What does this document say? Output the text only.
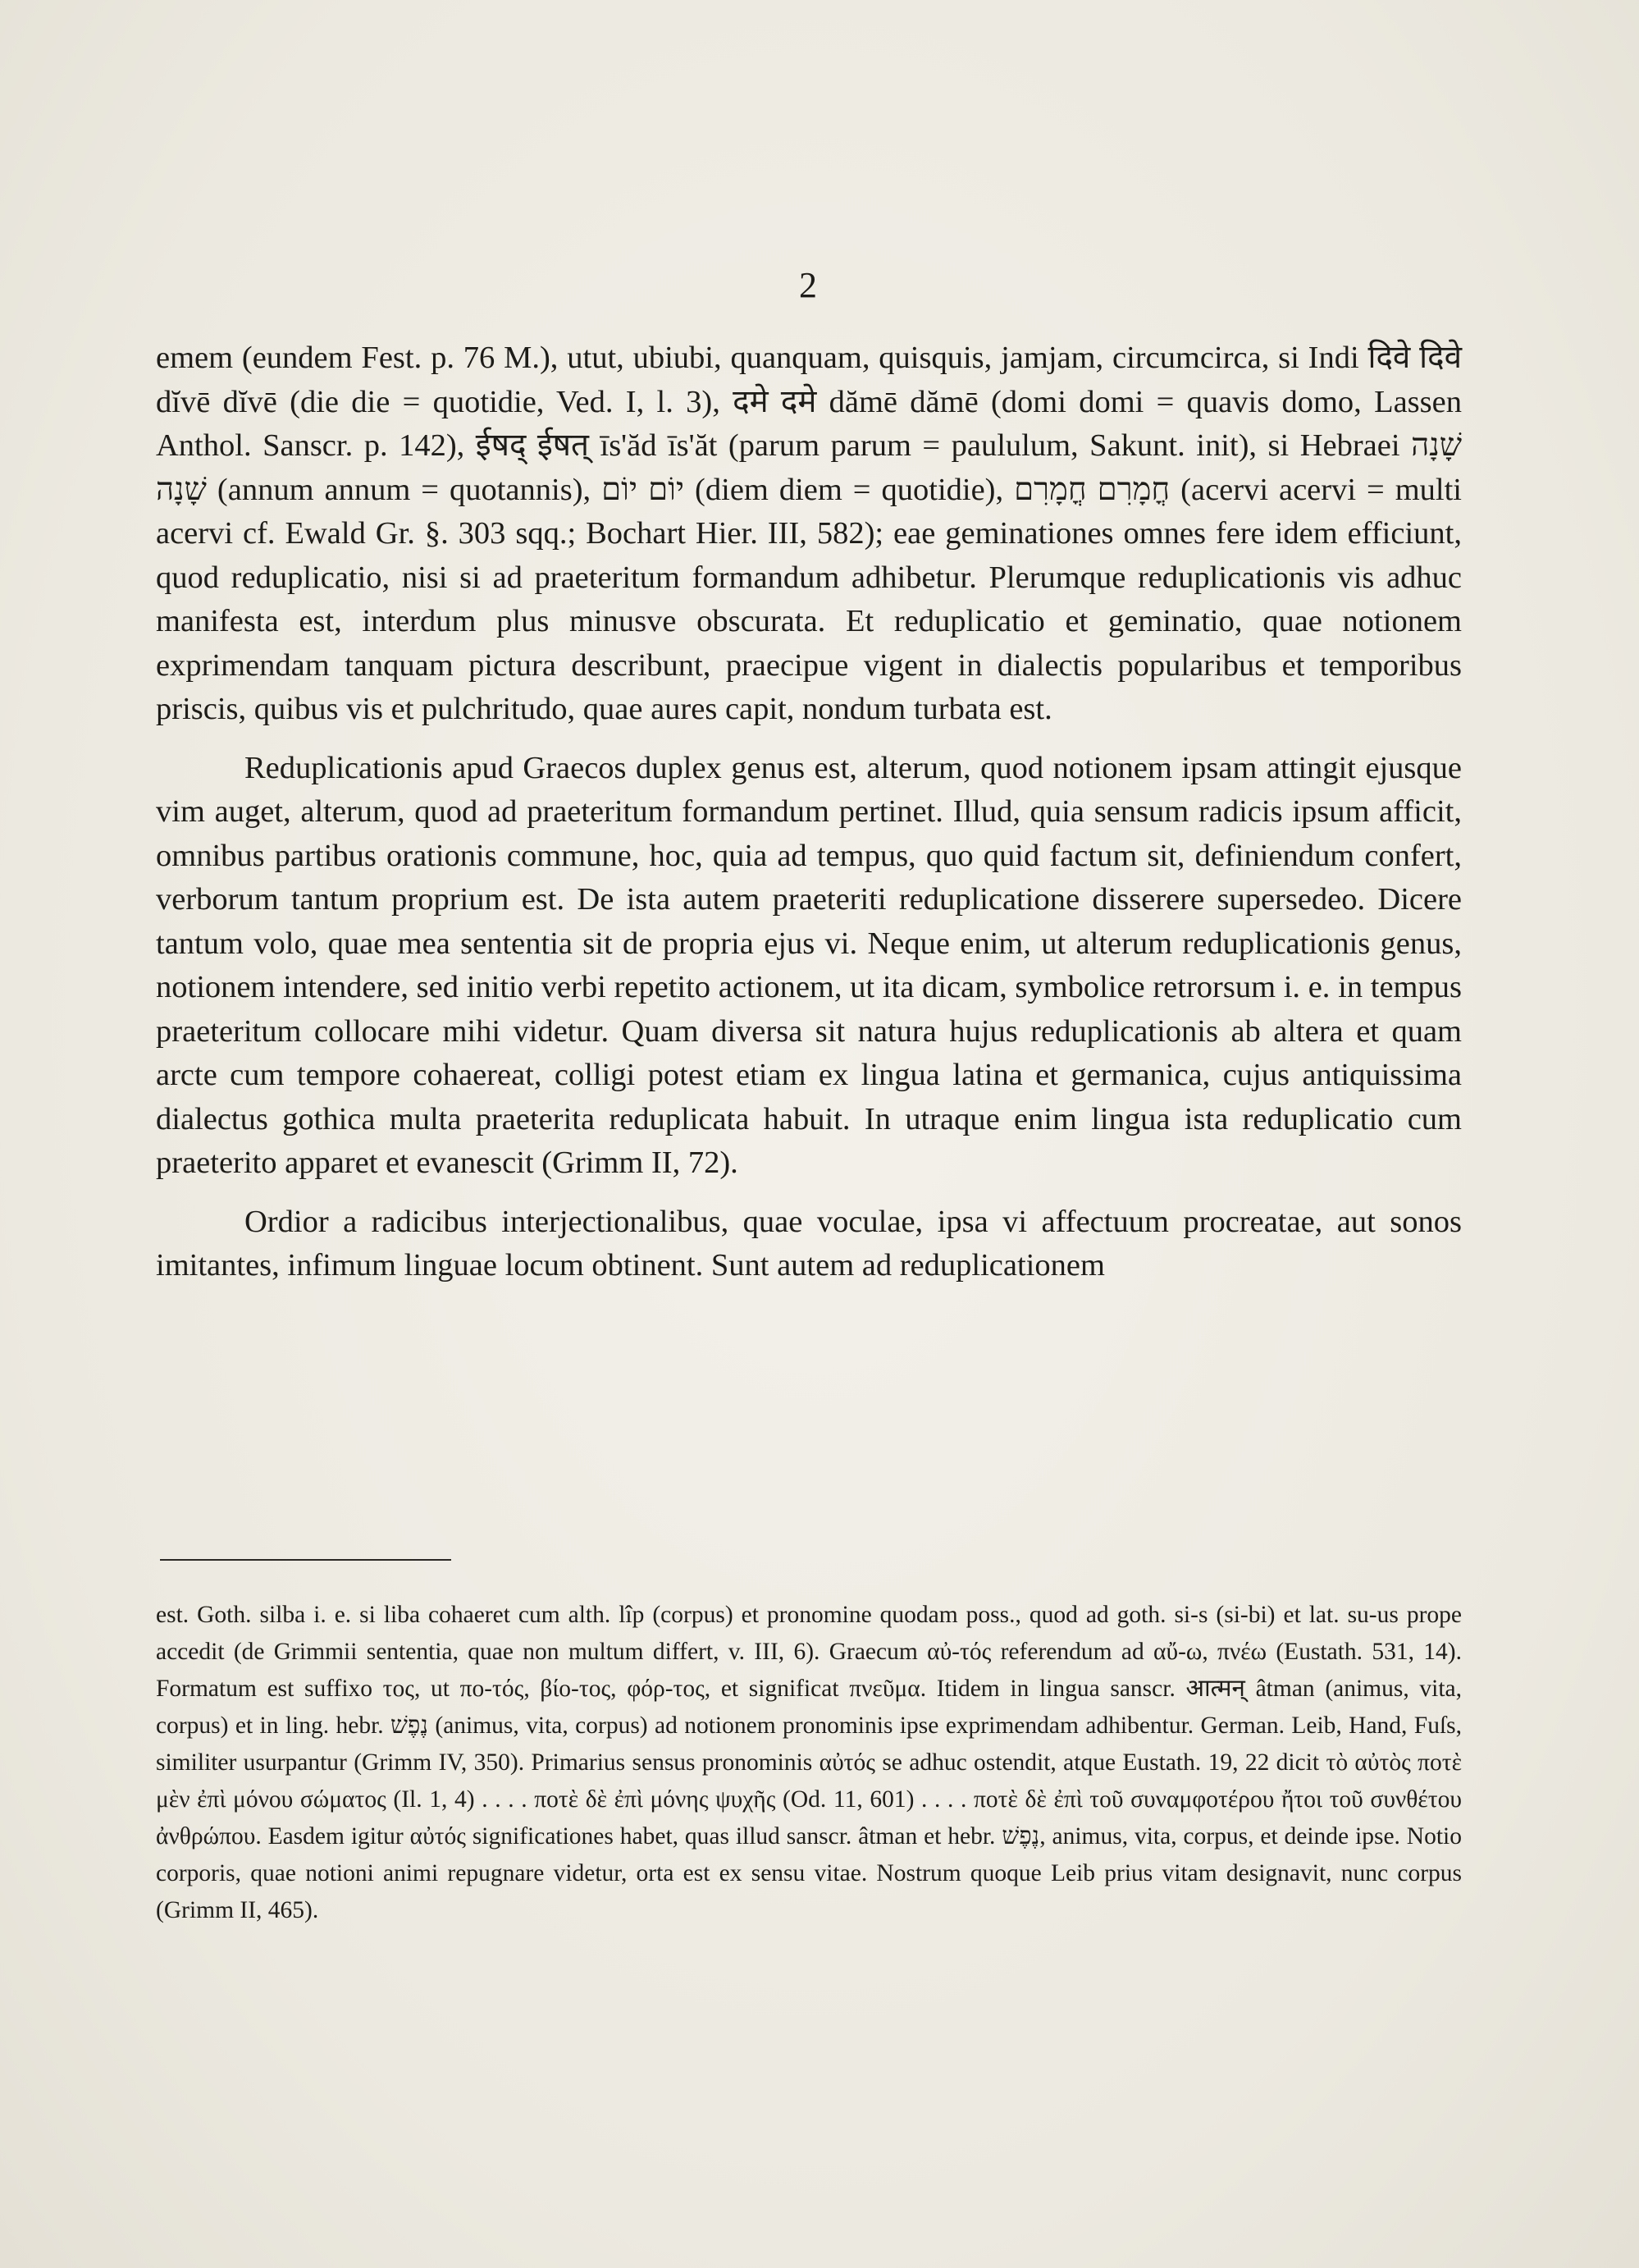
2

emem (eundem Fest. p. 76 M.), utut, ubiubi, quanquam, quisquis, jamjam, circumcirca, si Indi दिवे दिवे dĭvē dĭvē (die die = quotidie, Ved. I, l. 3), दमे दमे dămē dămē (domi domi = quavis domo, Lassen Anthol. Sanscr. p. 142), ईषद् ईषत् īs'ăd īs'ăt (parum parum = paululum, Sakunt. init), si Hebraei שָׁנָה שָׁנָה (annum annum = quotannis), יוֹם יוֹם (diem diem = quotidie), חֳמָרִם חֳמָרִם (acervi acervi = multi acervi cf. Ewald Gr. §. 303 sqq.; Bochart Hier. III, 582); eae geminationes omnes fere idem efficiunt, quod reduplicatio, nisi si ad praeteritum formandum adhibetur. Plerumque reduplicationis vis adhuc manifesta est, interdum plus minusve obscurata. Et reduplicatio et geminatio, quae notionem exprimendam tanquam pictura describunt, praecipue vigent in dialectis popularibus et temporibus priscis, quibus vis et pulchritudo, quae aures capit, nondum turbata est.

Reduplicationis apud Graecos duplex genus est, alterum, quod notionem ipsam attingit ejusque vim auget, alterum, quod ad praeteritum formandum pertinet. Illud, quia sensum radicis ipsum afficit, omnibus partibus orationis commune, hoc, quia ad tempus, quo quid factum sit, definiendum confert, verborum tantum proprium est. De ista autem praeteriti reduplicatione disserere supersedeo. Dicere tantum volo, quae mea sententia sit de propria ejus vi. Neque enim, ut alterum reduplicationis genus, notionem intendere, sed initio verbi repetito actionem, ut ita dicam, symbolice retrorsum i. e. in tempus praeteritum collocare mihi videtur. Quam diversa sit natura hujus reduplicationis ab altera et quam arcte cum tempore cohaereat, colligi potest etiam ex lingua latina et germanica, cujus antiquissima dialectus gothica multa praeterita reduplicata habuit. In utraque enim lingua ista reduplicatio cum praeterito apparet et evanescit (Grimm II, 72).

Ordior a radicibus interjectionalibus, quae voculae, ipsa vi affectuum procreatae, aut sonos imitantes, infimum linguae locum obtinent. Sunt autem ad reduplicationem

est. Goth. silba i. e. si liba cohaeret cum alth. lîp (corpus) et pronomine quodam poss., quod ad goth. si-s (si-bi) et lat. su-us prope accedit (de Grimmii sententia, quae non multum differt, v. III, 6). Graecum αὐ-τός referendum ad αὔ-ω, πνέω (Eustath. 531, 14). Formatum est suffixo τος, ut πο-τός, βίο-τος, φόρ-τος, et significat πνεῦμα. Itidem in lingua sanscr. आत्मन् âtman (animus, vita, corpus) et in ling. hebr. נֶפֶשׁ (animus, vita, corpus) ad notionem pronominis ipse exprimendam adhibentur. German. Leib, Hand, Fuſs, similiter usurpantur (Grimm IV, 350). Primarius sensus pronominis αὐτός se adhuc ostendit, atque Eustath. 19, 22 dicit τὸ αὐτὸς ποτὲ μὲν ἐπὶ μόνου σώματος (Il. 1, 4) . . . . ποτὲ δὲ ἐπὶ μόνης ψυχῆς (Od. 11, 601) . . . . ποτὲ δὲ ἐπὶ τοῦ συναμφοτέρου ἤτοι τοῦ συνθέτου ἀνθρώπου. Easdem igitur αὐτός significationes habet, quas illud sanscr. âtman et hebr. נֶפֶשׁ, animus, vita, corpus, et deinde ipse. Notio corporis, quae notioni animi repugnare videtur, orta est ex sensu vitae. Nostrum quoque Leib prius vitam designavit, nunc corpus (Grimm II, 465).
